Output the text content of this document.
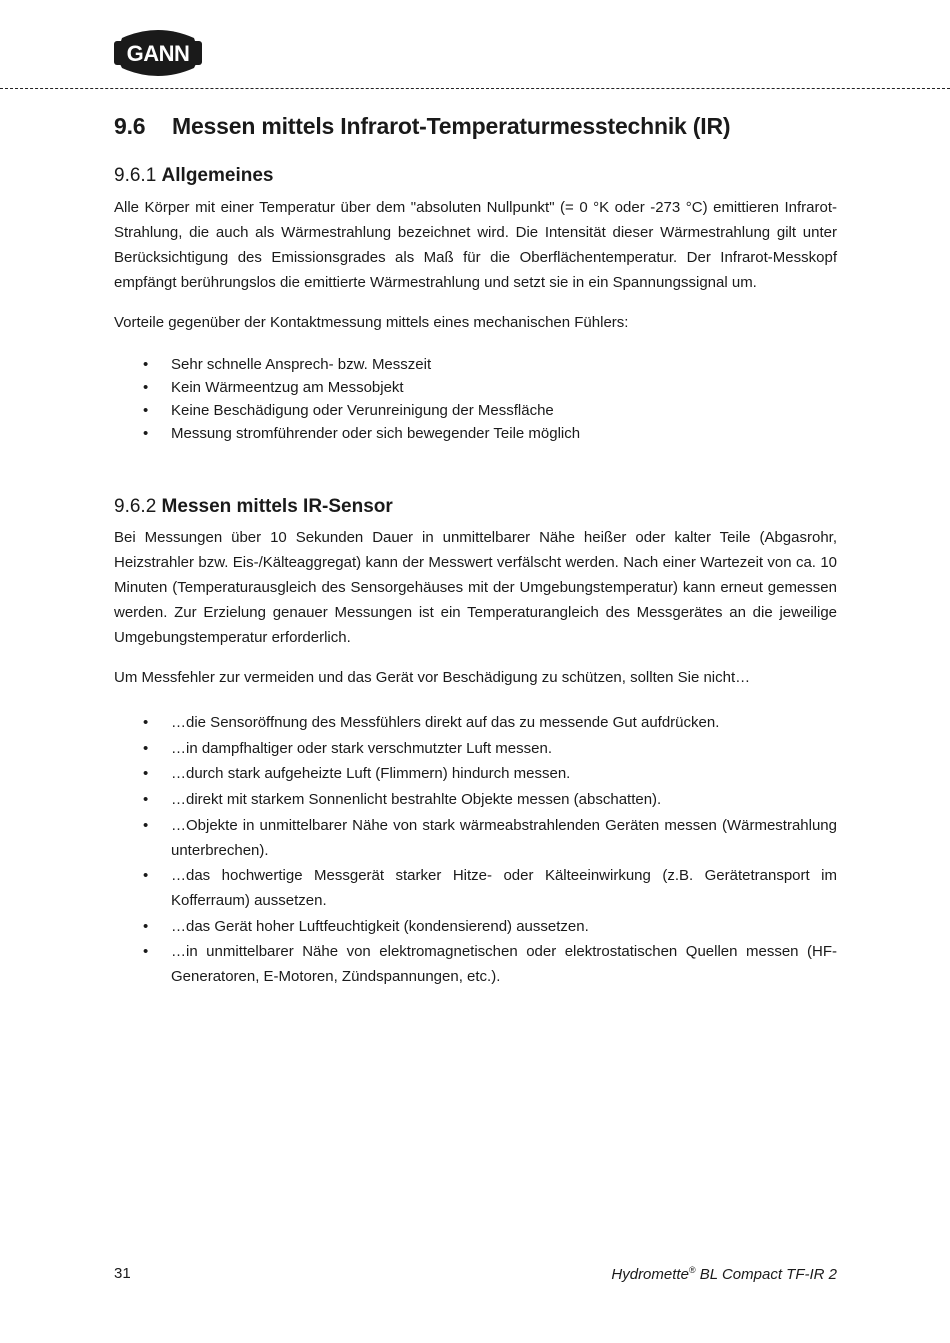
GANN
9.6	Messen mittels Infrarot-Temperaturmesstechnik (IR)
9.6.1 Allgemeines

Alle Körper mit einer Temperatur über dem "absoluten Nullpunkt" (= 0 °K oder -273 °C) emittieren Infrarot-Strahlung, die auch als Wärmestrahlung bezeichnet wird. Die Intensität dieser Wärmestrahlung gilt unter Berücksichtigung des Emissionsgrades als Maß für die Oberflächentemperatur. Der Infrarot-Messkopf empfängt berührungslos die emittierte Wärmestrahlung und setzt sie in ein Spannungssignal um.

Vorteile gegenüber der Kontaktmessung mittels eines mechanischen Fühlers:

• Sehr schnelle Ansprech- bzw. Messzeit
• Kein Wärmeentzug am Messobjekt
• Keine Beschädigung oder Verunreinigung der Messfläche
• Messung stromführender oder sich bewegender Teile möglich
9.6.2 Messen mittels IR-Sensor

Bei Messungen über 10 Sekunden Dauer in unmittelbarer Nähe heißer oder kalter Teile (Abgasrohr, Heizstrahler bzw. Eis-/Kälteaggregat) kann der Messwert verfälscht werden. Nach einer Wartezeit von ca. 10 Minuten (Temperaturausgleich des Sensorgehäuses mit der Umgebungstemperatur) kann erneut gemessen werden. Zur Erzielung genauer Messungen ist ein Temperaturangleich des Messgerätes an die jeweilige Umgebungstemperatur erforderlich.

Um Messfehler zur vermeiden und das Gerät vor Beschädigung zu schützen, sollten Sie nicht…

• …die Sensoröffnung des Messfühlers direkt auf das zu messende Gut aufdrücken.
• …in dampfhaltiger oder stark verschmutzter Luft messen.
• …durch stark aufgeheizte Luft (Flimmern) hindurch messen.
• …direkt mit starkem Sonnenlicht bestrahlte Objekte messen (abschatten).
• …Objekte in unmittelbarer Nähe von stark wärmeabstrahlenden Geräten messen (Wärmestrahlung unterbrechen).
• …das hochwertige Messgerät starker Hitze- oder Kälteeinwirkung (z.B. Gerätetransport im Kofferraum) aussetzen.
• …das Gerät hoher Luftfeuchtigkeit (kondensierend) aussetzen.
• …in unmittelbarer Nähe von elektromagnetischen oder elektrostatischen Quellen messen (HF-Generatoren, E-Motoren, Zündspannungen, etc.).
31	Hydromette® BL Compact TF-IR 2
